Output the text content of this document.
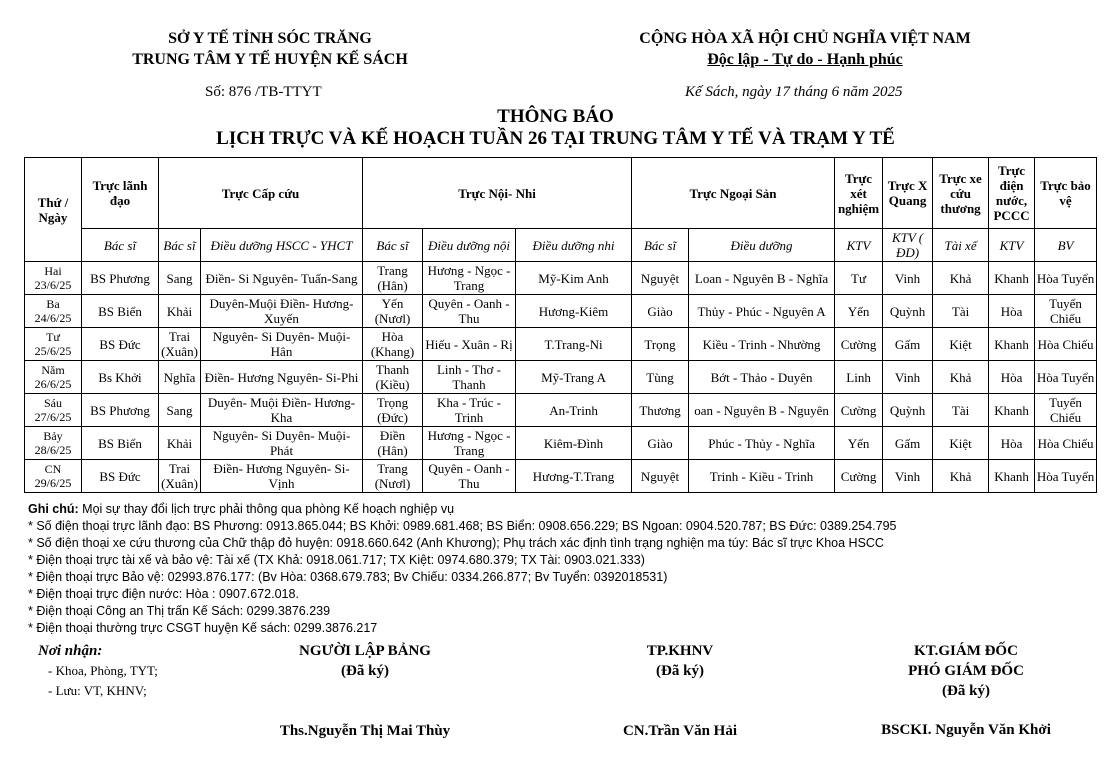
SỞ Y TẾ TỈNH SÓC TRĂNG
TRUNG TÂM Y TẾ HUYỆN KẾ SÁCH
CỘNG HÒA XÃ HỘI CHỦ NGHĨA VIỆT NAM
Độc lập - Tự do - Hạnh phúc
Số: 876 /TB-TTYT	Kế Sách, ngày 17 tháng 6 năm 2025
THÔNG BÁO
LỊCH TRỰC VÀ KẾ HOẠCH TUẦN 26 TẠI TRUNG TÂM Y TẾ VÀ TRẠM Y TẾ
Thứ / Ngày	Trực lãnh đạo	Trực Cấp cứu		Trực Nội- Nhi			Trực Ngoại Sản		Trực xét nghiệm	Trực X Quang	Trực xe cứu thương	Trực điện nước, PCCC	Trực bảo vệ
	Bác sĩ	Bác sĩ	Điều dưỡng HSCC - YHCT	Bác sĩ	Điều dưỡng nội	Điều dưỡng nhi	Bác sĩ	Điều dưỡng	KTV	KTV ( ĐD)	Tài xế	KTV	BV

Hai
23/6/25	BS Phương	Sang	Điền- Si Nguyên- Tuấn-Sang	Trang (Hân)	Hương - Ngọc - Trang	Mỹ-Kim Anh	Nguyệt	Loan - Nguyên B - Nghĩa	Tư	Vinh	Khả	Khanh	Hòa Tuyển

Ba
24/6/25	BS Biển	Khải	Duyên-Muội Điền- Hương-Xuyến	Yến (Nươl)	Quyên - Oanh - Thu	Hương-Kiêm	Giào	Thủy - Phúc - Nguyên A	Yến	Quỳnh	Tài	Hòa	Tuyển Chiếu

Tư
25/6/25	BS Đức	Trai (Xuân)	Nguyên- Si Duyên- Muội-Hân	Hòa (Khang)	Hiếu - Xuân - Rị	T.Trang-Ni	Trọng	Kiều - Trinh - Nhường	Cường	Gấm	Kiệt	Khanh	Hòa Chiếu

Năm
26/6/25	Bs Khởi	Nghĩa	Điền- Hương Nguyên- Si-Phi	Thanh (Kiều)	Linh - Thơ - Thanh	Mỹ-Trang A	Tùng	Bớt - Thảo - Duyên	Linh	Vinh	Khả	Hòa	Hòa Tuyển

Sáu
27/6/25	BS Phương	Sang	Duyên- Muội Điền- Hương-Kha	Trọng (Đức)	Kha - Trúc - Trinh	An-Trinh	Thương	oan - Nguyên B - Nguyên	Cường	Quỳnh	Tài	Khanh	Tuyển Chiếu

Bảy
28/6/25	BS Biển	Khải	Nguyên- Si Duyên- Muội-Phát	Điền (Hân)	Hương - Ngọc - Trang	Kiêm-Đình	Giào	Phúc - Thủy - Nghĩa	Yến	Gấm	Kiệt	Hòa	Hòa Chiếu

CN
29/6/25	BS Đức	Trai (Xuân)	Điền- Hương Nguyên- Si- Vịnh	Trang (Nươl)	Quyên - Oanh - Thu	Hương-T.Trang	Nguyệt	Trinh - Kiều - Trinh	Cường	Vinh	Khả	Khanh	Hòa Tuyển
Ghi chú: Mọi sự thay đổi lịch trực phải thông qua phòng Kế hoạch nghiệp vụ
* Số điện thoại trực lãnh đạo: BS Phương: 0913.865.044; BS Khởi: 0989.681.468; BS Biển: 0908.656.229; BS Ngoan: 0904.520.787; BS Đức: 0389.254.795
* Số điện thoại xe cứu thương của Chữ thập đỏ huyện: 0918.660.642 (Anh Khương); Phụ trách xác định tình trạng nghiện ma túy: Bác sĩ trực Khoa HSCC
* Điện thoại trực tài xế và bảo vệ: Tài xế (TX Khả: 0918.061.717; TX Kiệt: 0974.680.379; TX Tài: 0903.021.333)
* Điện thoại trực Bảo vệ: 02993.876.177: (Bv Hòa: 0368.679.783; Bv Chiếu: 0334.266.877; Bv Tuyển: 0392018531)
* Điện thoại trực điện nước: Hòa : 0907.672.018.
* Điện thoại Công an Thị trấn Kế Sách: 0299.3876.239
* Điện thoại thường trực CSGT huyện Kế sách: 0299.3876.217
Nơi nhận:
- Khoa, Phòng, TYT;
- Lưu: VT, KHNV;
NGƯỜI LẬP BẢNG
(Đã ký)
Ths.Nguyễn Thị Mai Thùy
TP.KHNV
(Đã ký)
CN.Trần Văn Hải
KT.GIÁM ĐỐC
PHÓ GIÁM ĐỐC
(Đã ký)
BSCKI. Nguyễn Văn Khởi
